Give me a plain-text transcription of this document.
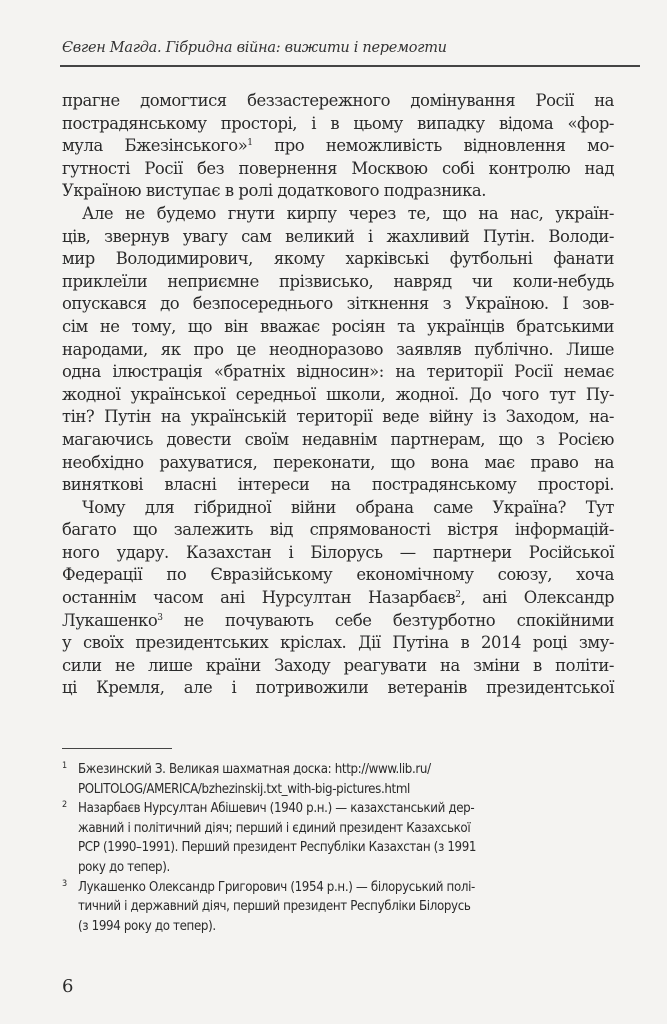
Євген Магда. Гібридна війна: вижити і перемогти
прагне домогтися беззастережного домінування Росії на
пострадянському просторі, і в цьому випадку відома «фор-
мула Бжезінського»$^1$ про неможливість відновлення мо-
гутності Росії без повернення Москвою собі контролю над
Україною виступає в ролі додаткового подразника.
Але не будемо гнути кирпу через те, що на нас, україн-
ців, звернув увагу сам великий і жахливий Путін. Володи-
мир Володимирович, якому харківські футбольні фанати
приклеїли неприємне прізвисько, навряд чи коли-небудь
опускався до безпосереднього зіткнення з Україною. І зов-
сім не тому, що він вважає росіян та українців братськими
народами, як про це неодноразово заявляв публічно. Лише
одна ілюстрація «братніх відносин»: на території Росії немає
жодної української середньої школи, жодної. До чого тут Пу-
тін? Путін на українській території веде війну із Заходом, на-
магаючись довести своїм недавнім партнерам, що з Росією
необхідно рахуватися, переконати, що вона має право на
виняткові власні інтереси на пострадянському просторі.
Чому для гібридної війни обрана саме Україна? Тут
багато що залежить від спрямованості вістря інформацій-
ного удару. Казахстан і Білорусь — партнери Російської
Федерації по Євразійському економічному союзу, хоча
останнім часом ані Нурсултан Назарбаєв$^2$, ані Олександр
Лукашенко$^3$ не почувають себе безтурботно спокійними
у своїх президентських кріслах. Дії Путіна в 2014 році зму-
сили не лише країни Заходу реагувати на зміни в політи-
ці Кремля, але і потривожили ветеранів президентської
1 Бжезинский З. Великая шахматная доска: http://www.lib.ru/
POLITOLOG/AMERICA/bzhezinskij.txt_with-big-pictures.html
2 Назарбаєв Нурсултан Абішевич (1940 р.н.) — казахстанський дер-
жавний і політичний діяч; перший і єдиний президент Казахської
РСР (1990–1991). Перший президент Республіки Казахстан (з 1991
року до тепер).
3 Лукашенко Олександр Григорович (1954 р.н.) — білоруський полі-
тичний і державний діяч, перший президент Республіки Білорусь
(з 1994 року до тепер).
6
